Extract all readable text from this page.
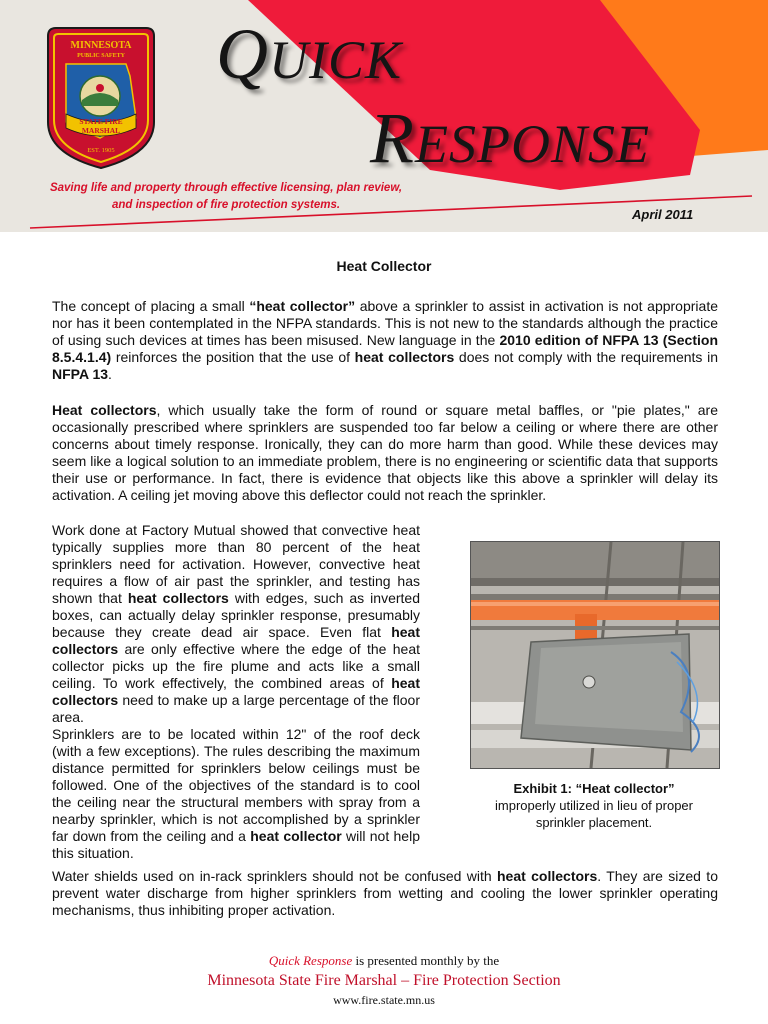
MINNESOTA
PUBLIC SAFETY
STATE FIRE
MARSHAL
EST. 1905
QUICK
RESPONSE
Saving life and property through effective licensing, plan review,
and inspection of fire protection systems.
April 2011
Heat Collector

The concept of placing a small “heat collector” above a sprinkler to assist in activation is not appropriate nor has it been contemplated in the NFPA standards. This is not new to the standards although the practice of using such devices at times has been misused. New language in the 2010 edition of NFPA 13 (Section 8.5.4.1.4) reinforces the position that the use of heat collectors does not comply with the requirements in NFPA 13.

Heat collectors, which usually take the form of round or square metal baffles, or "pie plates," are occasionally prescribed where sprinklers are suspended too far below a ceiling or where there are other concerns about timely response. Ironically, they can do more harm than good. While these devices may seem like a logical solution to an immediate problem, there is no engineering or scientific data that supports their use or performance. In fact, there is evidence that objects like this above a sprinkler will delay its activation. A ceiling jet moving above this deflector could not reach the sprinkler.

Work done at Factory Mutual showed that convective heat typically supplies more than 80 percent of the heat sprinklers need for activation. However, convective heat requires a flow of air past the sprinkler, and testing has shown that heat collectors with edges, such as inverted boxes, can actually delay sprinkler response, presumably because they create dead air space. Even flat heat collectors are only effective where the edge of the heat collector picks up the fire plume and acts like a small ceiling. To work effectively, the combined areas of heat collectors need to make up a large percentage of the floor area.

Sprinklers are to be located within 12" of the roof deck (with a few exceptions). The rules describing the maximum distance permitted for sprinklers below ceilings must be followed. One of the objectives of the standard is to cool the ceiling near the structural members with spray from a nearby sprinkler, which is not accomplished by a sprinkler far down from the ceiling and a heat collector will not help this situation.

Exhibit 1: “Heat collector”
improperly utilized in lieu of proper
sprinkler placement.

Water shields used on in-rack sprinklers should not be confused with heat collectors. They are sized to prevent water discharge from higher sprinklers from wetting and cooling the lower sprinkler operating mechanisms, thus inhibiting proper activation.

Quick Response is presented monthly by the
Minnesota State Fire Marshal – Fire Protection Section
www.fire.state.mn.us
